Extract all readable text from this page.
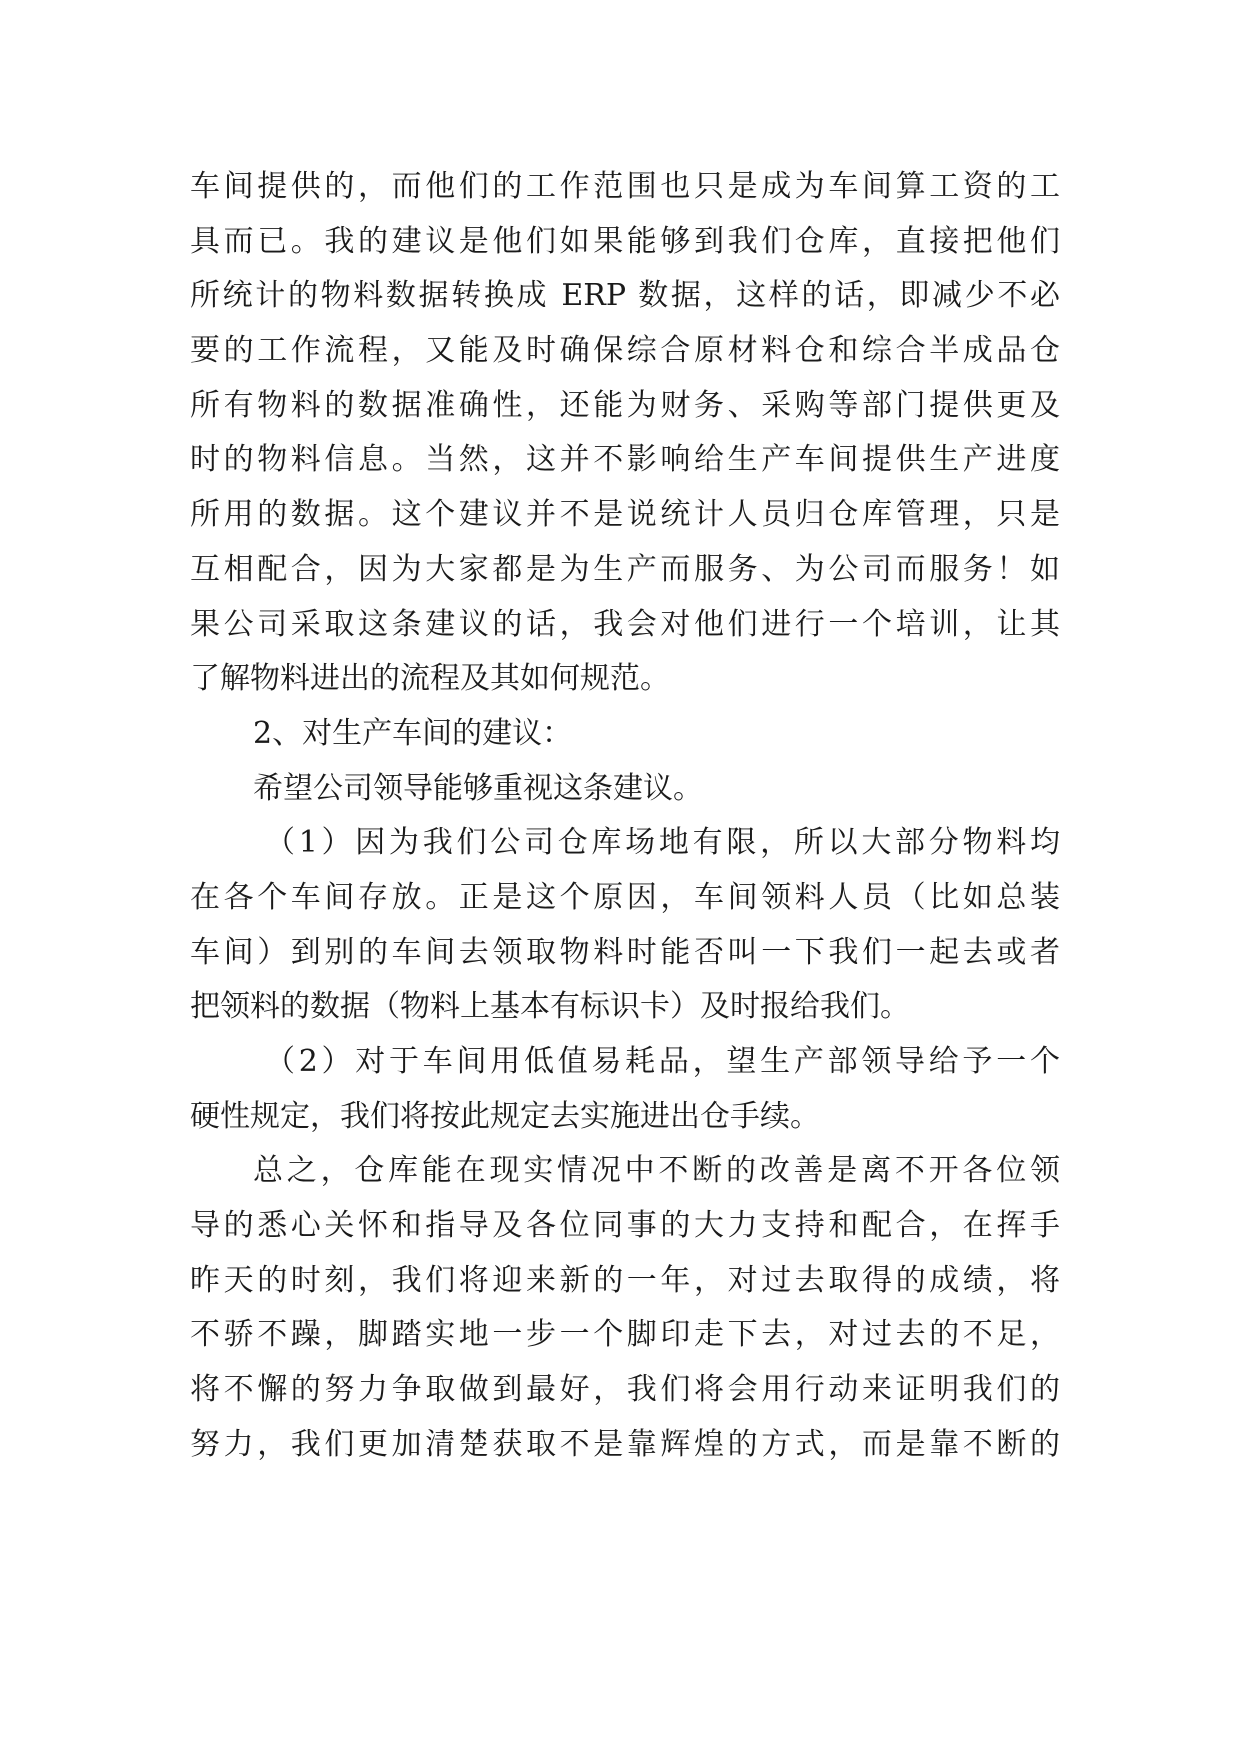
车间提供的，而他们的工作范围也只是成为车间算工资的工
具而已。我的建议是他们如果能够到我们仓库，直接把他们
所统计的物料数据转换成 ERP 数据，这样的话，即减少不必
要的工作流程，又能及时确保综合原材料仓和综合半成品仓
所有物料的数据准确性，还能为财务、采购等部门提供更及
时的物料信息。当然，这并不影响给生产车间提供生产进度
所用的数据。这个建议并不是说统计人员归仓库管理，只是
互相配合，因为大家都是为生产而服务、为公司而服务！如
果公司采取这条建议的话，我会对他们进行一个培训，让其
了解物料进出的流程及其如何规范。
2、对生产车间的建议：
希望公司领导能够重视这条建议。
（1）因为我们公司仓库场地有限，所以大部分物料均
在各个车间存放。正是这个原因，车间领料人员（比如总装
车间）到别的车间去领取物料时能否叫一下我们一起去或者
把领料的数据（物料上基本有标识卡）及时报给我们。
（2）对于车间用低值易耗品，望生产部领导给予一个
硬性规定，我们将按此规定去实施进出仓手续。
总之，仓库能在现实情况中不断的改善是离不开各位领
导的悉心关怀和指导及各位同事的大力支持和配合，在挥手
昨天的时刻，我们将迎来新的一年，对过去取得的成绩，将
不骄不躁，脚踏实地一步一个脚印走下去，对过去的不足，
将不懈的努力争取做到最好，我们将会用行动来证明我们的
努力，我们更加清楚获取不是靠辉煌的方式，而是靠不断的
